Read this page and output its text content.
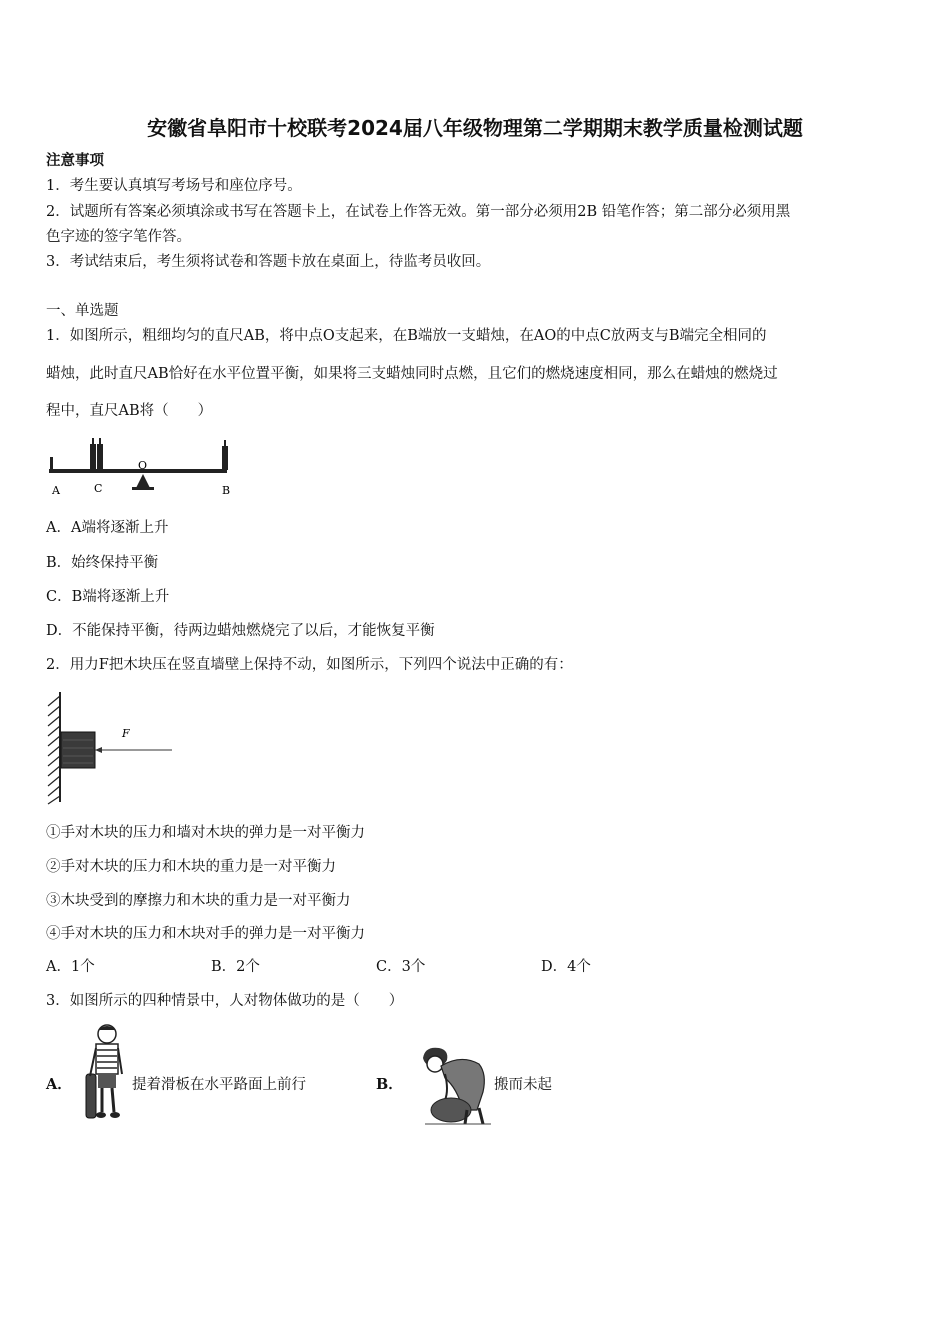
安徽省阜阳市十校联考2024届八年级物理第二学期期末教学质量检测试题
注意事项
1．考生要认真填写考场号和座位序号。
2．试题所有答案必须填涂或书写在答题卡上，在试卷上作答无效。第一部分必须用2B 铅笔作答；第二部分必须用黑
色字迹的签字笔作答。
3．考试结束后，考生须将试卷和答题卡放在桌面上，待监考员收回。
一、单选题
1．如图所示，粗细均匀的直尺AB，将中点O支起来，在B端放一支蜡烛，在AO的中点C放两支与B端完全相同的
蜡烛，此时直尺AB恰好在水平位置平衡，如果将三支蜡烛同时点燃，且它们的燃烧速度相同，那么在蜡烛的燃烧过
程中，直尺AB将（　　）
A	C
O
B
A．A端将逐渐上升
B．始终保持平衡
C．B端将逐渐上升
D．不能保持平衡，待两边蜡烛燃烧完了以后，才能恢复平衡
2．用力F把木块压在竖直墙壁上保持不动，如图所示，下列四个说法中正确的有：
F
①手对木块的压力和墙对木块的弹力是一对平衡力
②手对木块的压力和木块的重力是一对平衡力
③木块受到的摩擦力和木块的重力是一对平衡力
④手对木块的压力和木块对手的弹力是一对平衡力
A．1个	B．2个	C．3个	D．4个
3．如图所示的四种情景中，人对物体做功的是（　　）
A．	提着滑板在水平路面上前行	B．	搬而未起
